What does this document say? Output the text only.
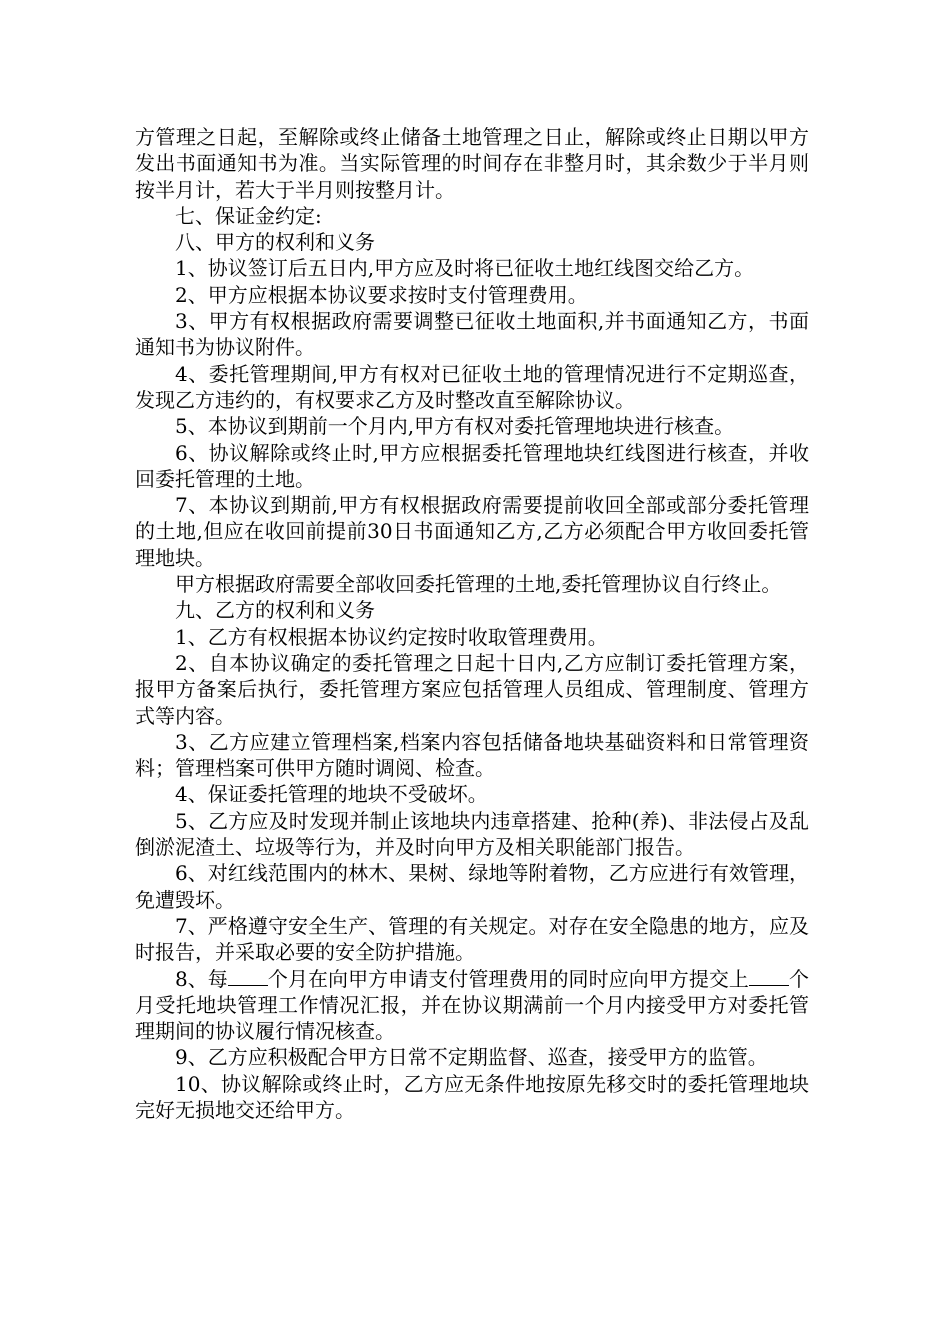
方管理之日起，至解除或终止储备土地管理之日止，解除或终止日期以甲方发出书面通知书为准。当实际管理的时间存在非整月时，其余数少于半月则按半月计，若大于半月则按整月计。

七、保证金约定:

八、甲方的权利和义务

1、协议签订后五日内,甲方应及时将已征收土地红线图交给乙方。

2、甲方应根据本协议要求按时支付管理费用。

3、甲方有权根据政府需要调整已征收土地面积,并书面通知乙方，书面通知书为协议附件。

4、委托管理期间,甲方有权对已征收土地的管理情况进行不定期巡查，发现乙方违约的，有权要求乙方及时整改直至解除协议。

5、本协议到期前一个月内,甲方有权对委托管理地块进行核查。

6、协议解除或终止时,甲方应根据委托管理地块红线图进行核查，并收回委托管理的土地。

7、本协议到期前,甲方有权根据政府需要提前收回全部或部分委托管理的土地,但应在收回前提前30日书面通知乙方,乙方必须配合甲方收回委托管理地块。

甲方根据政府需要全部收回委托管理的土地,委托管理协议自行终止。

九、乙方的权利和义务

1、乙方有权根据本协议约定按时收取管理费用。

2、自本协议确定的委托管理之日起十日内,乙方应制订委托管理方案，报甲方备案后执行，委托管理方案应包括管理人员组成、管理制度、管理方式等内容。

3、乙方应建立管理档案,档案内容包括储备地块基础资料和日常管理资料；管理档案可供甲方随时调阅、检查。

4、保证委托管理的地块不受破坏。

5、乙方应及时发现并制止该地块内违章搭建、抢种(养)、非法侵占及乱倒淤泥渣土、垃圾等行为，并及时向甲方及相关职能部门报告。

6、对红线范围内的林木、果树、绿地等附着物，乙方应进行有效管理，免遭毁坏。

7、严格遵守安全生产、管理的有关规定。对存在安全隐患的地方，应及时报告，并采取必要的安全防护措施。

8、每 个月在向甲方申请支付管理费用的同时应向甲方提交上 个月受托地块管理工作情况汇报，并在协议期满前一个月内接受甲方对委托管理期间的协议履行情况核查。

9、乙方应积极配合甲方日常不定期监督、巡查，接受甲方的监管。

10、协议解除或终止时，乙方应无条件地按原先移交时的委托管理地块完好无损地交还给甲方。
